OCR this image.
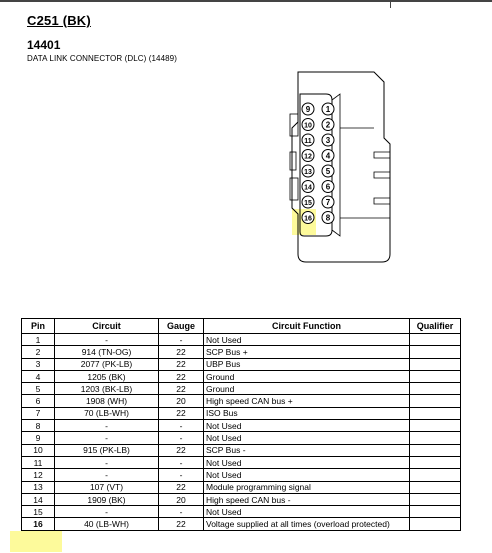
C251 (BK)
14401
DATA LINK CONNECTOR (DLC) (14489)
9
10
11
12
13
14
15
16
1
2
3
4
5
6
7
8
Pin	Circuit	Gauge	Circuit Function	Qualifier
1	-	-	Not Used	
2	914 (TN-OG)	22	SCP Bus +	
3	2077 (PK-LB)	22	UBP Bus	
4	1205 (BK)	22	Ground	
5	1203 (BK-LB)	22	Ground	
6	1908 (WH)	20	High speed CAN bus +	
7	70 (LB-WH)	22	ISO Bus	
8	-	-	Not Used	
9	-	-	Not Used	
10	915 (PK-LB)	22	SCP Bus -	
11	-	-	Not Used	
12	-	-	Not Used	
13	107 (VT)	22	Module programming signal	
14	1909 (BK)	20	High speed CAN bus -	
15	-	-	Not Used	
16	40 (LB-WH)	22	Voltage supplied at all times (overload protected)	
